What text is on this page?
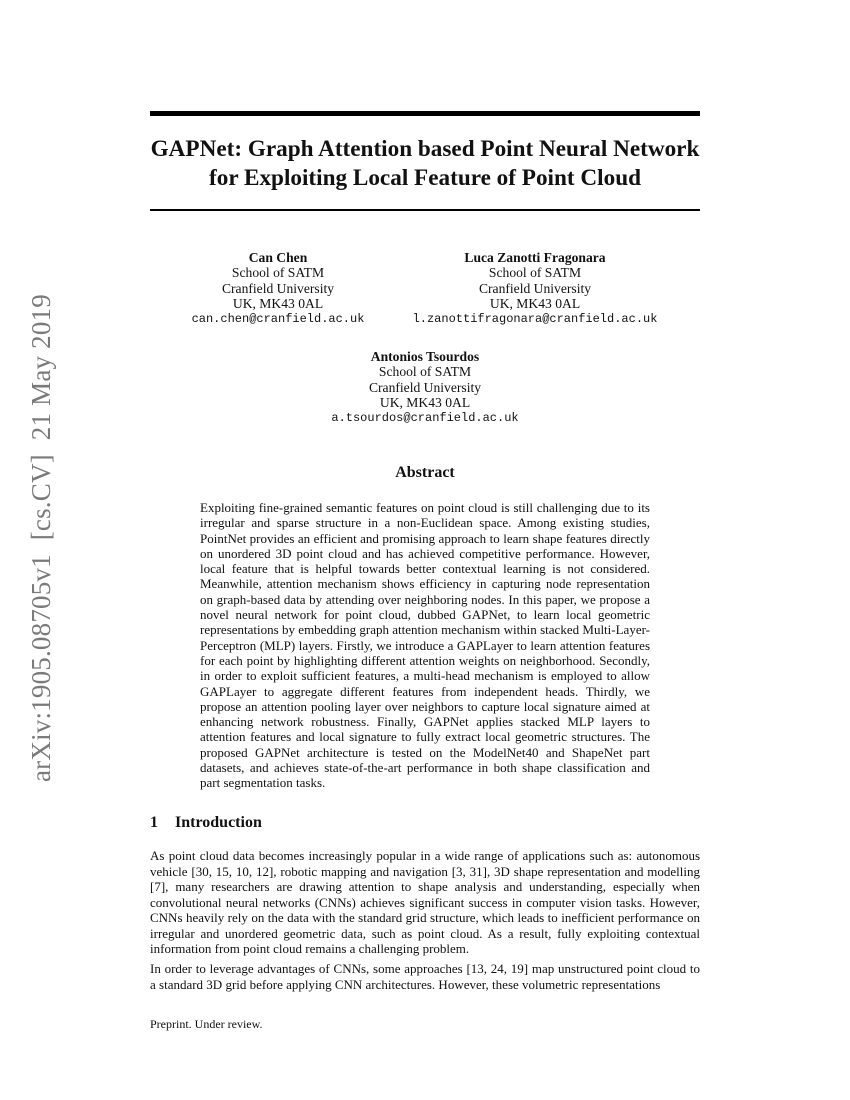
arXiv:1905.08705v1  [cs.CV]  21 May 2019
GAPNet: Graph Attention based Point Neural Network for Exploiting Local Feature of Point Cloud
Can Chen
School of SATM
Cranfield University
UK, MK43 0AL
can.chen@cranfield.ac.uk
Luca Zanotti Fragonara
School of SATM
Cranfield University
UK, MK43 0AL
l.zanottifragonara@cranfield.ac.uk
Antonios Tsourdos
School of SATM
Cranfield University
UK, MK43 0AL
a.tsourdos@cranfield.ac.uk
Abstract
Exploiting fine-grained semantic features on point cloud is still challenging due to its irregular and sparse structure in a non-Euclidean space. Among existing studies, PointNet provides an efficient and promising approach to learn shape features directly on unordered 3D point cloud and has achieved competitive performance. However, local feature that is helpful towards better contextual learning is not considered. Meanwhile, attention mechanism shows efficiency in capturing node representation on graph-based data by attending over neighboring nodes. In this paper, we propose a novel neural network for point cloud, dubbed GAPNet, to learn local geometric representations by embedding graph attention mechanism within stacked Multi-Layer-Perceptron (MLP) layers. Firstly, we introduce a GAPLayer to learn attention features for each point by highlighting different attention weights on neighborhood. Secondly, in order to exploit sufficient features, a multi-head mechanism is employed to allow GAPLayer to aggregate different features from independent heads. Thirdly, we propose an attention pooling layer over neighbors to capture local signature aimed at enhancing network robustness. Finally, GAPNet applies stacked MLP layers to attention features and local signature to fully extract local geometric structures. The proposed GAPNet architecture is tested on the ModelNet40 and ShapeNet part datasets, and achieves state-of-the-art performance in both shape classification and part segmentation tasks.
1 Introduction
As point cloud data becomes increasingly popular in a wide range of applications such as: autonomous vehicle [30, 15, 10, 12], robotic mapping and navigation [3, 31], 3D shape representation and modelling [7], many researchers are drawing attention to shape analysis and understanding, especially when convolutional neural networks (CNNs) achieves significant success in computer vision tasks. However, CNNs heavily rely on the data with the standard grid structure, which leads to inefficient performance on irregular and unordered geometric data, such as point cloud. As a result, fully exploiting contextual information from point cloud remains a challenging problem.
In order to leverage advantages of CNNs, some approaches [13, 24, 19] map unstructured point cloud to a standard 3D grid before applying CNN architectures. However, these volumetric representations
Preprint. Under review.
